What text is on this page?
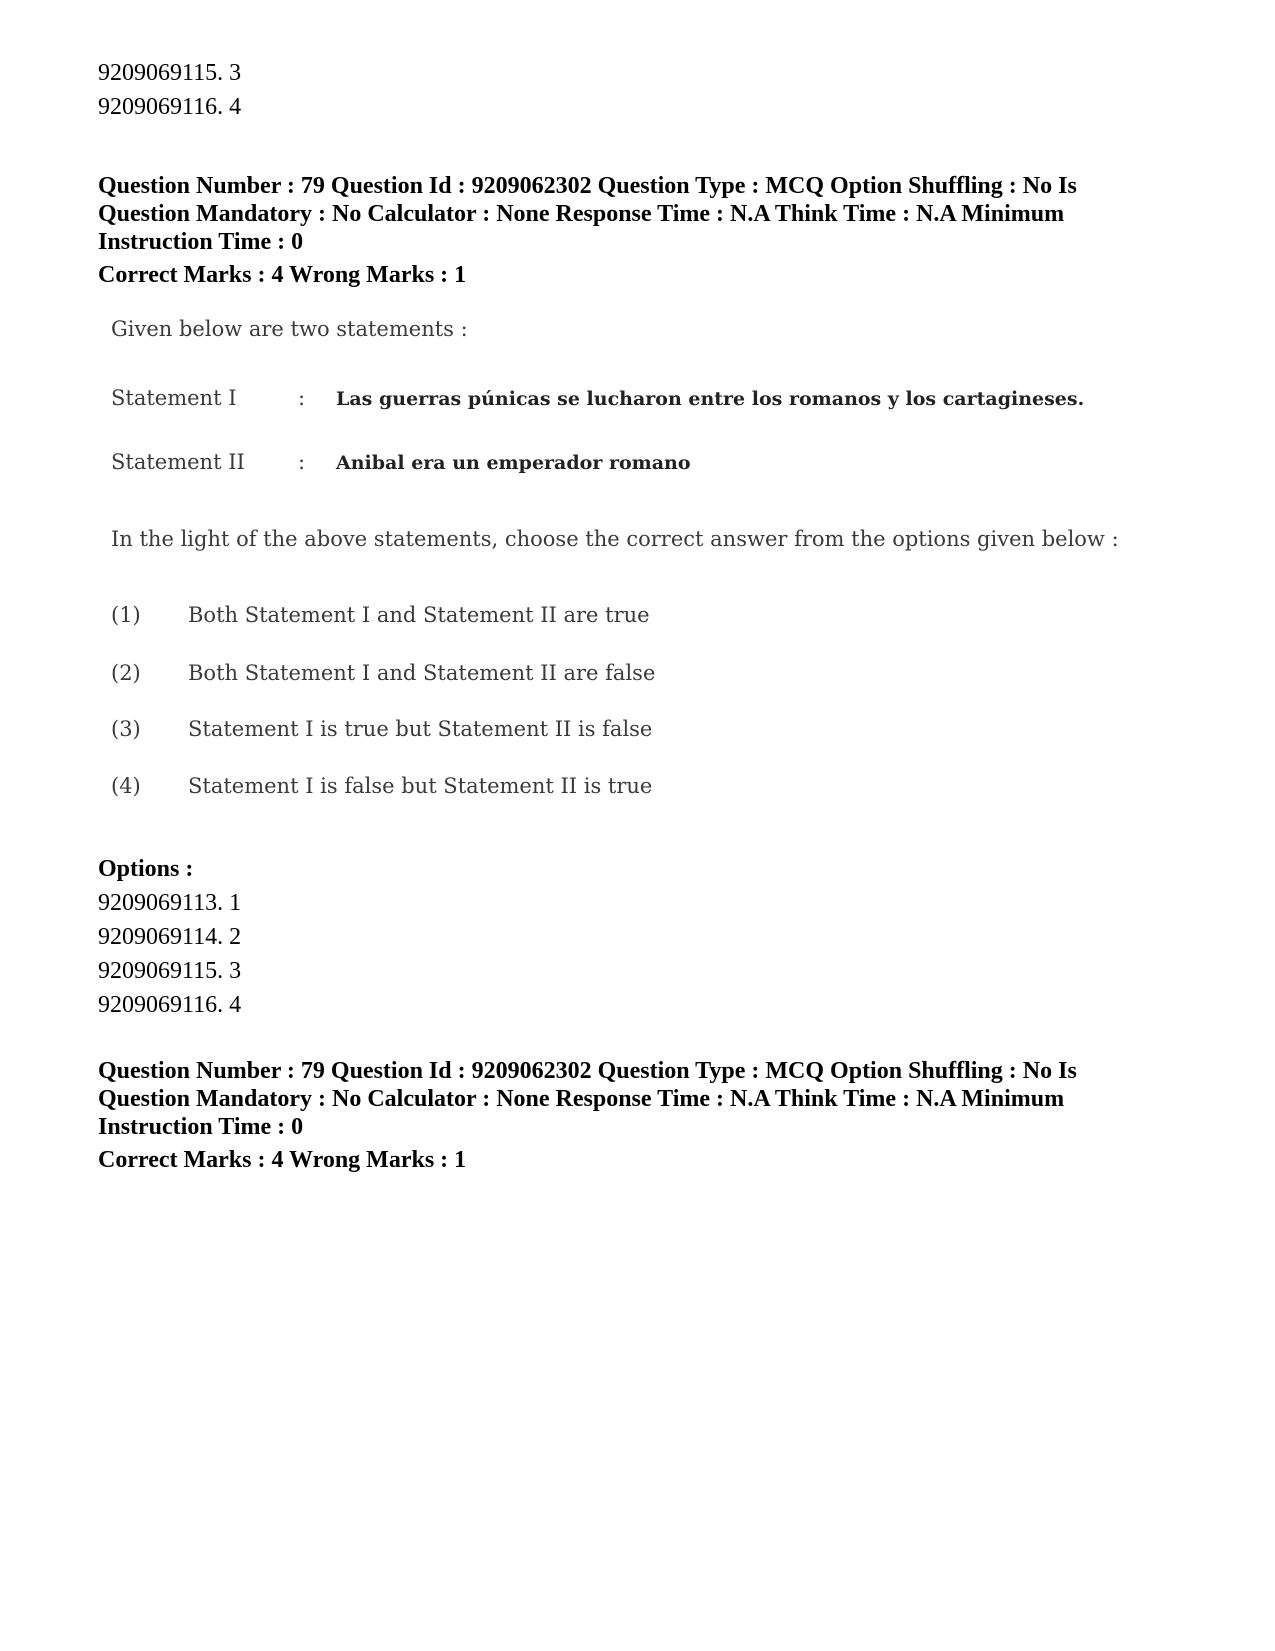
9209069115. 3
9209069116. 4
Question Number : 79 Question Id : 9209062302 Question Type : MCQ Option Shuffling : No Is
Question Mandatory : No Calculator : None Response Time : N.A Think Time : N.A Minimum
Instruction Time : 0
Correct Marks : 4 Wrong Marks : 1
Given below are two statements :
Statement I	: Las guerras púnicas se lucharon entre los romanos y los cartagineses.
Statement II	: Anibal era un emperador romano
In the light of the above statements, choose the correct answer from the options given below :
(1) Both Statement I and Statement II are true
(2) Both Statement I and Statement II are false
(3) Statement I is true but Statement II is false
(4) Statement I is false but Statement II is true
Options :
9209069113. 1
9209069114. 2
9209069115. 3
9209069116. 4
Question Number : 79 Question Id : 9209062302 Question Type : MCQ Option Shuffling : No Is
Question Mandatory : No Calculator : None Response Time : N.A Think Time : N.A Minimum
Instruction Time : 0
Correct Marks : 4 Wrong Marks : 1
